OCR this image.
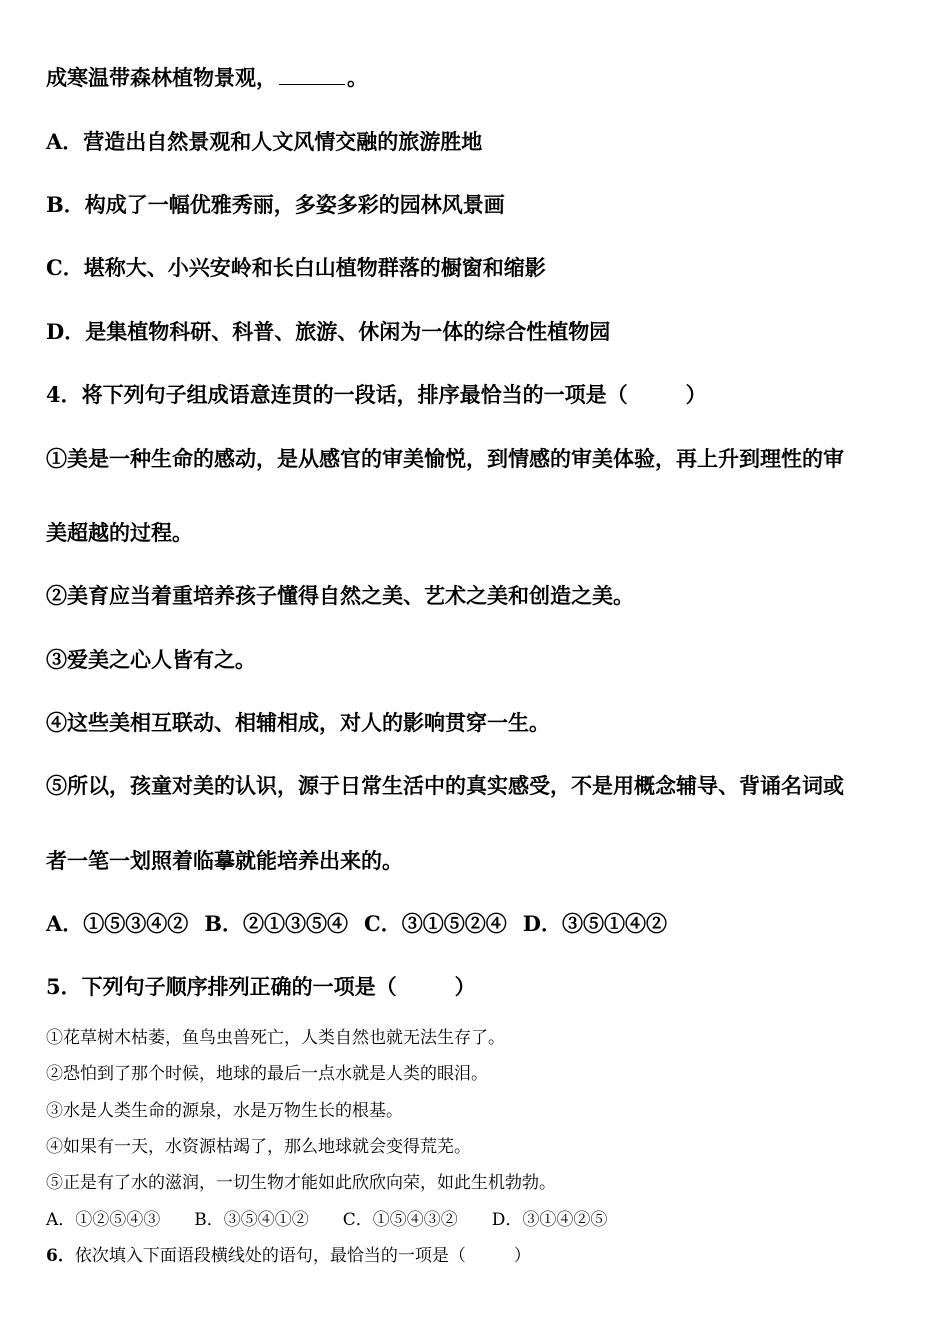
成寒温带森林植物景观，	。
A．营造出自然景观和人文风情交融的旅游胜地
B．构成了一幅优雅秀丽，多姿多彩的园林风景画
C．堪称大、小兴安岭和长白山植物群落的橱窗和缩影
D．是集植物科研、科普、旅游、休闲为一体的综合性植物园
4．将下列句子组成语意连贯的一段话，排序最恰当的一项是（	）
①美是一种生命的感动，是从感官的审美愉悦，到情感的审美体验，再上升到理性的审
美超越的过程。
②美育应当着重培养孩子懂得自然之美、艺术之美和创造之美。
③爱美之心人皆有之。
④这些美相互联动、相辅相成，对人的影响贯穿一生。
⑤所以，孩童对美的认识，源于日常生活中的真实感受，不是用概念辅导、背诵名词或
者一笔一划照着临摹就能培养出来的。
A．①⑤③④② B．②①③⑤④ C．③①⑤②④ D．③⑤①④②
5．下列句子顺序排列正确的一项是（	）
①花草树木枯萎，鱼鸟虫兽死亡，人类自然也就无法生存了。
②恐怕到了那个时候，地球的最后一点水就是人类的眼泪。
③水是人类生命的源泉，水是万物生长的根基。
④如果有一天，水资源枯竭了，那么地球就会变得荒芜。
⑤正是有了水的滋润，一切生物才能如此欣欣向荣，如此生机勃勃。
A．①②⑤④③ B．③⑤④①② C．①⑤④③② D．③①④②⑤
6．依次填入下面语段横线处的语句，最恰当的一项是（	）
